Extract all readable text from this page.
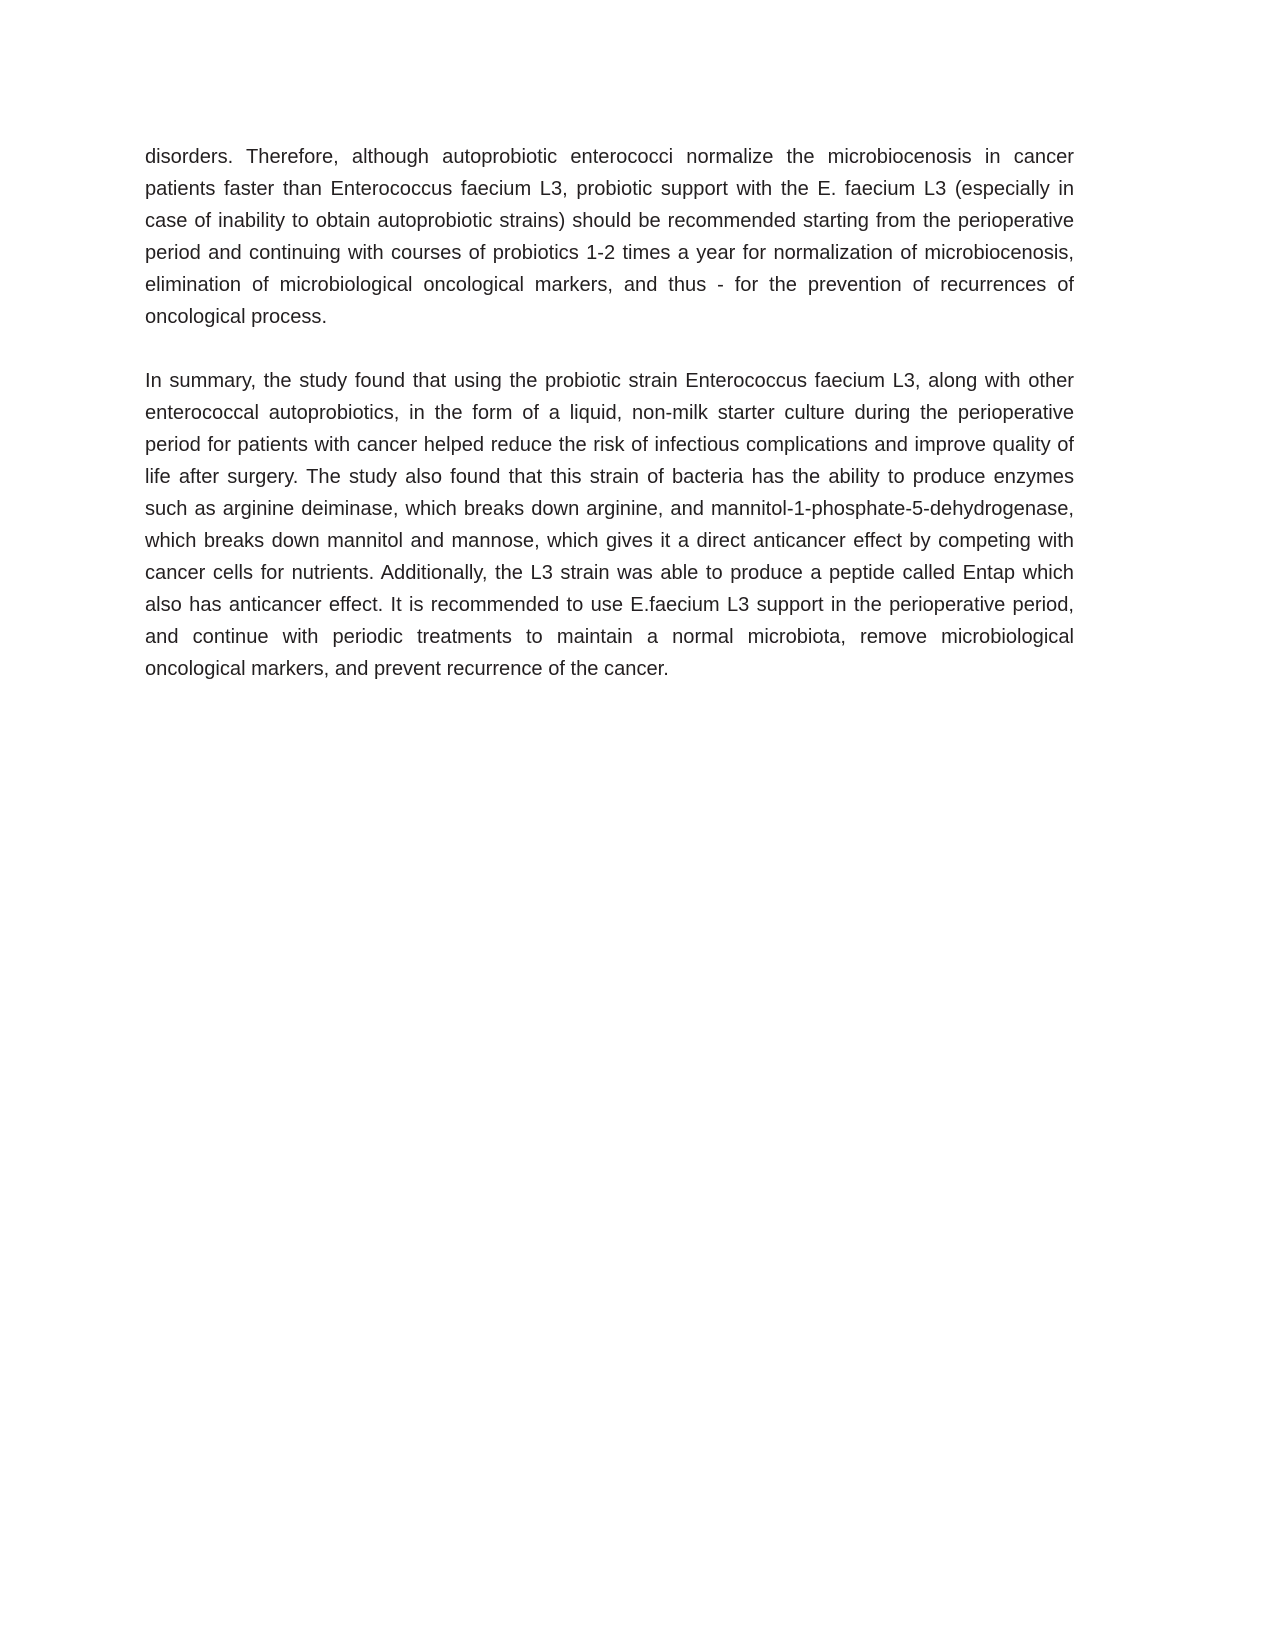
disorders. Therefore, although autoprobiotic enterococci normalize the microbiocenosis in cancer patients faster than Enterococcus faecium L3, probiotic support with the E. faecium L3 (especially in case of inability to obtain autoprobiotic strains) should be recommended starting from the perioperative period and continuing with courses of probiotics 1-2 times a year for normalization of microbiocenosis, elimination of microbiological oncological markers, and thus - for the prevention of recurrences of oncological process.

In summary, the study found that using the probiotic strain Enterococcus faecium L3, along with other enterococcal autoprobiotics, in the form of a liquid, non-milk starter culture during the perioperative period for patients with cancer helped reduce the risk of infectious complications and improve quality of life after surgery. The study also found that this strain of bacteria has the ability to produce enzymes such as arginine deiminase, which breaks down arginine, and mannitol-1-phosphate-5-dehydrogenase, which breaks down mannitol and mannose, which gives it a direct anticancer effect by competing with cancer cells for nutrients. Additionally, the L3 strain was able to produce a peptide called Entap which also has anticancer effect. It is recommended to use E.faecium L3 support in the perioperative period, and continue with periodic treatments to maintain a normal microbiota, remove microbiological oncological markers, and prevent recurrence of the cancer.
